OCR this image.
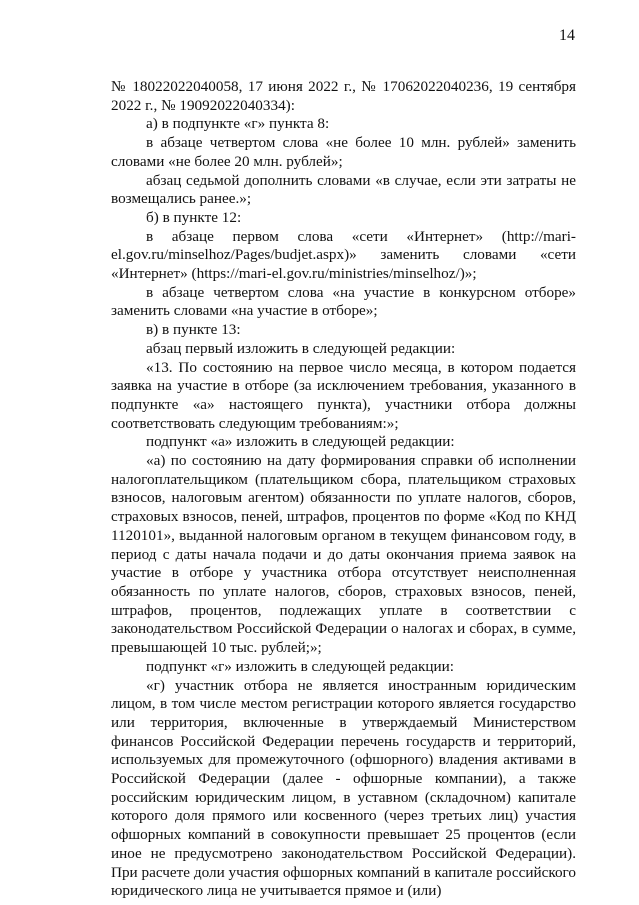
14

№ 18022022040058, 17 июня 2022 г., № 17062022040236, 19 сентября 2022 г., № 19092022040334):

а) в подпункте «г» пункта 8:

в абзаце четвертом слова «не более 10 млн. рублей» заменить словами «не более 20 млн. рублей»;

абзац седьмой дополнить словами «в случае, если эти затраты не возмещались ранее.»;

б) в пункте 12:

в абзаце первом слова «сети «Интернет» (http://mari-el.gov.ru/minselhoz/Pages/budjet.aspx)» заменить словами «сети «Интернет» (https://mari-el.gov.ru/ministries/minselhoz/)»;

в абзаце четвертом слова «на участие в конкурсном отборе» заменить словами «на участие в отборе»;

в) в пункте 13:

абзац первый изложить в следующей редакции:

«13. По состоянию на первое число месяца, в котором подается заявка на участие в отборе (за исключением требования, указанного в подпункте «а» настоящего пункта), участники отбора должны соответствовать следующим требованиям:»;

подпункт «а» изложить в следующей редакции:

«а) по состоянию на дату формирования справки об исполнении налогоплательщиком (плательщиком сбора, плательщиком страховых взносов, налоговым агентом) обязанности по уплате налогов, сборов, страховых взносов, пеней, штрафов, процентов по форме «Код по КНД 1120101», выданной налоговым органом в текущем финансовом году, в период с даты начала подачи и до даты окончания приема заявок на участие в отборе у участника отбора отсутствует неисполненная обязанность по уплате налогов, сборов, страховых взносов, пеней, штрафов, процентов, подлежащих уплате в соответствии с законодательством Российской Федерации о налогах и сборах, в сумме, превышающей 10 тыс. рублей;»;

подпункт «г» изложить в следующей редакции:

«г) участник отбора не является иностранным юридическим лицом, в том числе местом регистрации которого является государство или территория, включенные в утверждаемый Министерством финансов Российской Федерации перечень государств и территорий, используемых для промежуточного (офшорного) владения активами в Российской Федерации (далее - офшорные компании), а также российским юридическим лицом, в уставном (складочном) капитале которого доля прямого или косвенного (через третьих лиц) участия офшорных компаний в совокупности превышает 25 процентов (если иное не предусмотрено законодательством Российской Федерации). При расчете доли участия офшорных компаний в капитале российского юридического лица не учитывается прямое и (или)
